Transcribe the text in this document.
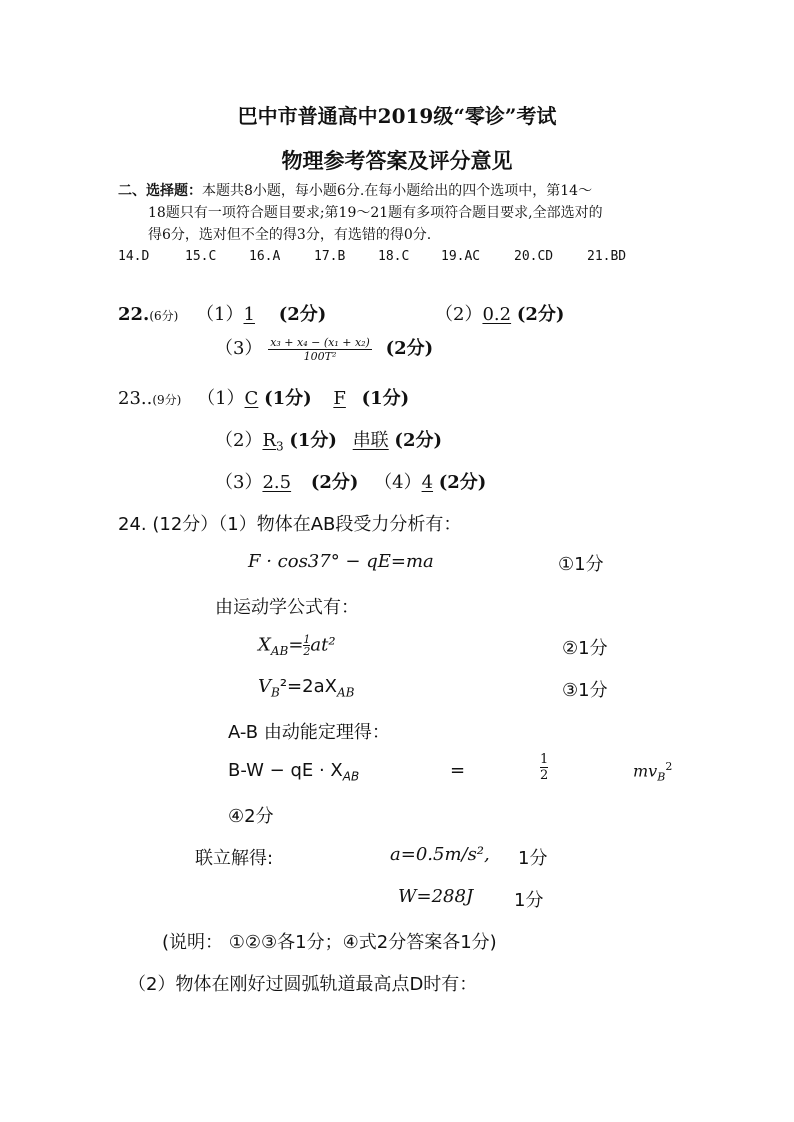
巴中市普通高中2019级“零诊”考试
物理参考答案及评分意见
二、选择题：本题共8小题，每小题6分.在每小题给出的四个选项中，第14～
18题只有一项符合题目要求;第19～21题有多项符合题目要求,全部选对的
得6分，选对但不全的得3分，有选错的得0分.
14.D	15.C	16.A	17.B	18.C 19.AC	20.CD	21.BD
22.(6分) （1）1 (2分)	（2）0.2 (2分)
$(3) \frac{\text{x₃ + x₄ − (x₁ + x₂)}}{\text{100T²}} (2$分)
23..(9分) （1）C (1分) F (1分)
$(2)R_3$ (1分) 串联 (2分)
（3）2.5 (2分) （4）4 (2分)
24. (12分）（1）物体在AB段受力分析有：
F · cos37° − qE=ma	①1分
由运动学公式有：
$X_{AB}= \frac{1}{2} at^2$	②1分
$V_B^2=2aX_{AB}$	③1分
A-B 由动能定理得：
B-W − qE · $X_{AB}$	=	$\frac{1}{2}$	$mv_B^2$
④2分
联立解得:	a=0.5m/s², 1分
W=288J 1分
(说明： ①②③各1分；④式2分答案各1分)
（2）物体在刚好过圆弧轨道最高点D时有：
